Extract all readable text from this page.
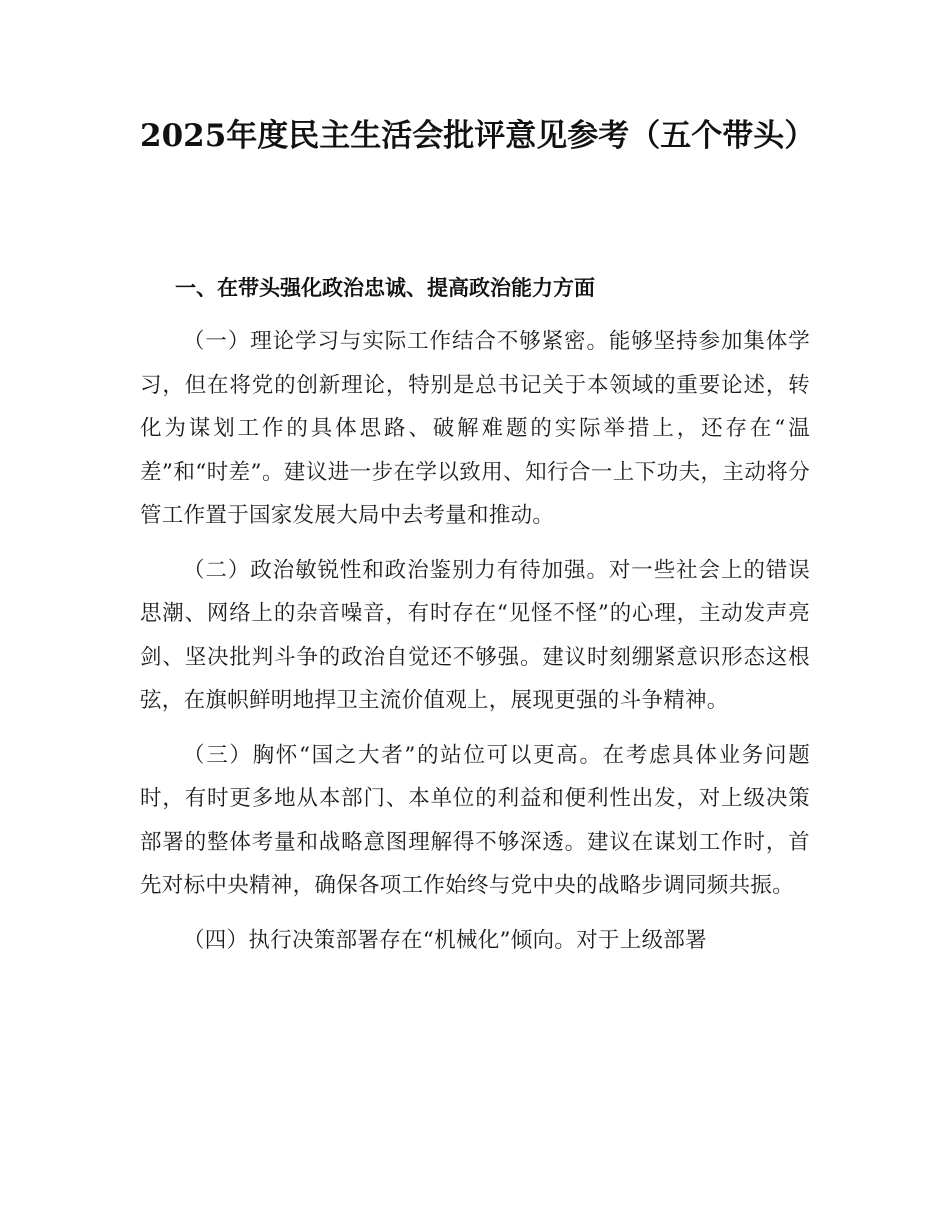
2025年度民主生活会批评意见参考（五个带头）
一、在带头强化政治忠诚、提高政治能力方面

（一）理论学习与实际工作结合不够紧密。能够坚持参加集体学习，但在将党的创新理论，特别是总书记关于本领域的重要论述，转化为谋划工作的具体思路、破解难题的实际举措上，还存在“温差”和“时差”。建议进一步在学以致用、知行合一上下功夫，主动将分管工作置于国家发展大局中去考量和推动。

（二）政治敏锐性和政治鉴别力有待加强。对一些社会上的错误思潮、网络上的杂音噪音，有时存在“见怪不怪”的心理，主动发声亮剑、坚决批判斗争的政治自觉还不够强。建议时刻绷紧意识形态这根弦，在旗帜鲜明地捍卫主流价值观上，展现更强的斗争精神。

（三）胸怀“国之大者”的站位可以更高。在考虑具体业务问题时，有时更多地从本部门、本单位的利益和便利性出发，对上级决策部署的整体考量和战略意图理解得不够深透。建议在谋划工作时，首先对标中央精神，确保各项工作始终与党中央的战略步调同频共振。

（四）执行决策部署存在“机械化”倾向。对于上级部署
